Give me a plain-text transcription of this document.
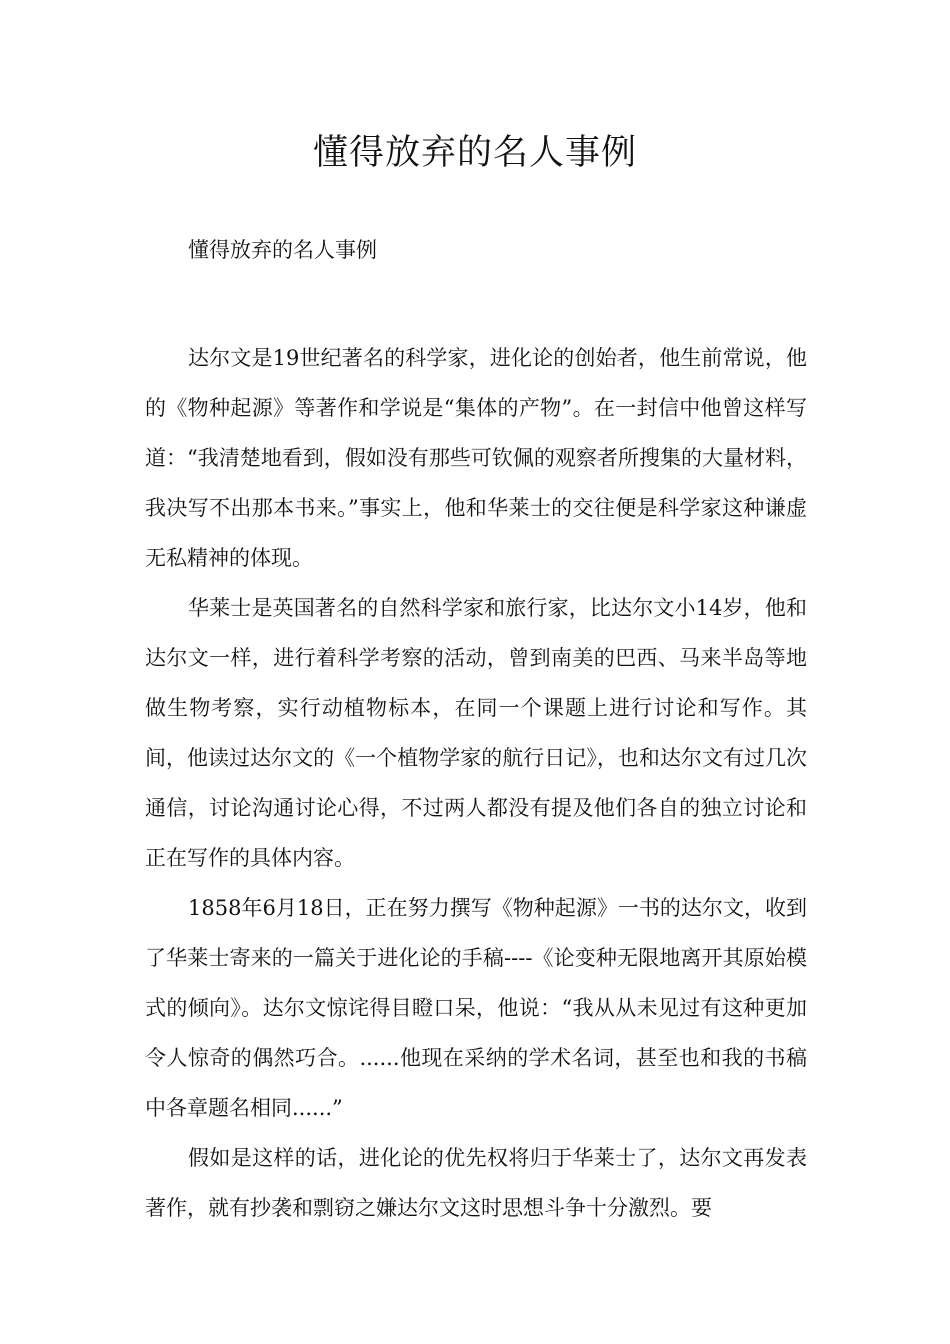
懂得放弃的名人事例

懂得放弃的名人事例

达尔文是19世纪著名的科学家，进化论的创始者，他生前常说，他的《物种起源》等著作和学说是“集体的产物”。在一封信中他曾这样写道：“我清楚地看到，假如没有那些可钦佩的观察者所搜集的大量材料，我决写不出那本书来。”事实上，他和华莱士的交往便是科学家这种谦虚无私精神的体现。

华莱士是英国著名的自然科学家和旅行家，比达尔文小14岁，他和达尔文一样，进行着科学考察的活动，曾到南美的巴西、马来半岛等地做生物考察，实行动植物标本，在同一个课题上进行讨论和写作。其间，他读过达尔文的《一个植物学家的航行日记》，也和达尔文有过几次通信，讨论沟通讨论心得，不过两人都没有提及他们各自的独立讨论和正在写作的具体内容。

1858年6月18日，正在努力撰写《物种起源》一书的达尔文，收到了华莱士寄来的一篇关于进化论的手稿----《论变种无限地离开其原始模式的倾向》。达尔文惊诧得目瞪口呆，他说：“我从从未见过有这种更加令人惊奇的偶然巧合。......他现在采纳的学术名词，甚至也和我的书稿中各章题名相同......”

假如是这样的话，进化论的优先权将归于华莱士了，达尔文再发表著作，就有抄袭和剽窃之嫌达尔文这时思想斗争十分激烈。要
